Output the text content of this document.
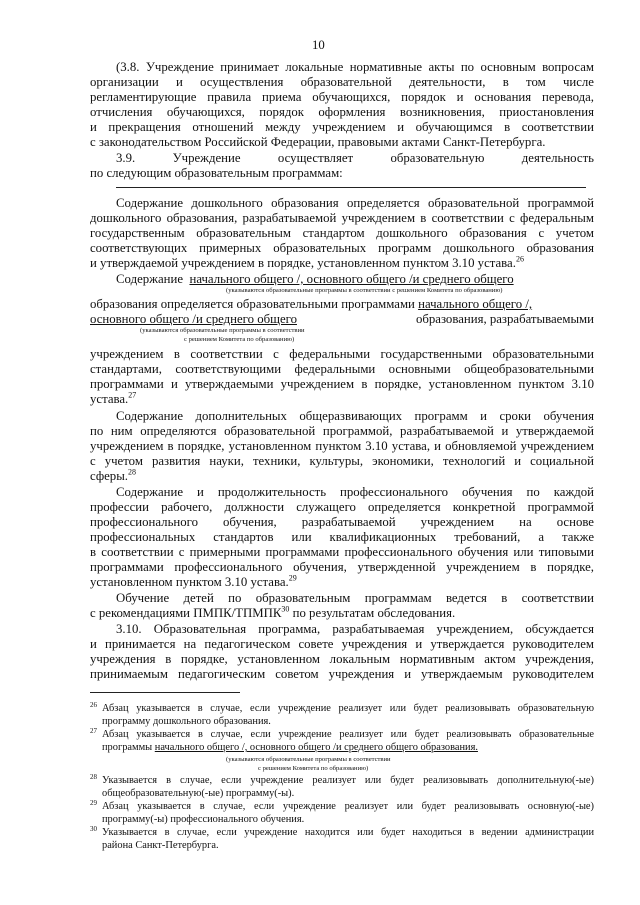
10
(3.8. Учреждение принимает локальные нормативные акты по основным вопросам
организации и осуществления образовательной деятельности, в том числе
регламентирующие правила приема обучающихся, порядок и основания перевода,
отчисления обучающихся, порядок оформления возникновения, приостановления
и прекращения отношений между учреждением и обучающимся в соответствии
с законодательством Российской Федерации, правовыми актами Санкт-Петербурга.
3.9. Учреждение осуществляет образовательную деятельность
по следующим образовательным программам:
Содержание дошкольного образования определяется образовательной программой
дошкольного образования, разрабатываемой учреждением в соответствии с федеральным
государственным образовательным стандартом дошкольного образования с учетом
соответствующих примерных образовательных программ дошкольного образования
и утверждаемой учреждением в порядке, установленном пунктом 3.10 устава.$^{26}$
Содержание начального общего /, основного общего /и среднего общего
(указываются образовательные программы в соответствии с решением Комитета по образованию)
образования определяется образовательными программами начального общего /,
основного общего /и среднего общего	образования, разрабатываемыми
(указываются образовательные программы в соответствии
с решением Комитета по образованию)
учреждением в соответствии с федеральными государственными образовательными
стандартами, соответствующими федеральными основными общеобразовательными
программами и утверждаемыми учреждением в порядке, установленном пунктом 3.10
устава.$^{27}$
Содержание дополнительных общеразвивающих программ и сроки обучения
по ним определяются образовательной программой, разрабатываемой и утверждаемой
учреждением в порядке, установленном пунктом 3.10 устава, и обновляемой учреждением
с учетом развития науки, техники, культуры, экономики, технологий и социальной
сферы.$^{28}$
Содержание и продолжительность профессионального обучения по каждой
профессии рабочего, должности служащего определяется конкретной программой
профессионального обучения, разрабатываемой учреждением на основе
профессиональных стандартов или квалификационных требований, а также
в соответствии с примерными программами профессионального обучения или типовыми
программами профессионального обучения, утвержденной учреждением в порядке,
установленном пунктом 3.10 устава.$^{29}$
Обучение детей по образовательным программам ведется в соответствии
с рекомендациями ПМПК/ТПМПК$^{30}$ по результатам обследования.
3.10. Образовательная программа, разрабатываемая учреждением, обсуждается
и принимается на педагогическом совете учреждения и утверждается руководителем
учреждения в порядке, установленном локальным нормативным актом учреждения,
принимаемым педагогическим советом учреждения и утверждаемым руководителем
26 Абзац указывается в случае, если учреждение реализует или будет реализовывать образовательную
программу дошкольного образования.
27 Абзац указывается в случае, если учреждение реализует или будет реализовывать образовательные
программы начального общего /, основного общего /и среднего общего образования.
(указываются образовательные программы в соответствии
с решением Комитета по образованию)
28 Указывается в случае, если учреждение реализует или будет реализовывать дополнительную(-ые)
общеобразовательную(-ые) программу(-ы).
29 Абзац указывается в случае, если учреждение реализует или будет реализовывать основную(-ые)
программу(-ы) профессионального обучения.
30 Указывается в случае, если учреждение находится или будет находиться в ведении администрации
района Санкт-Петербурга.
